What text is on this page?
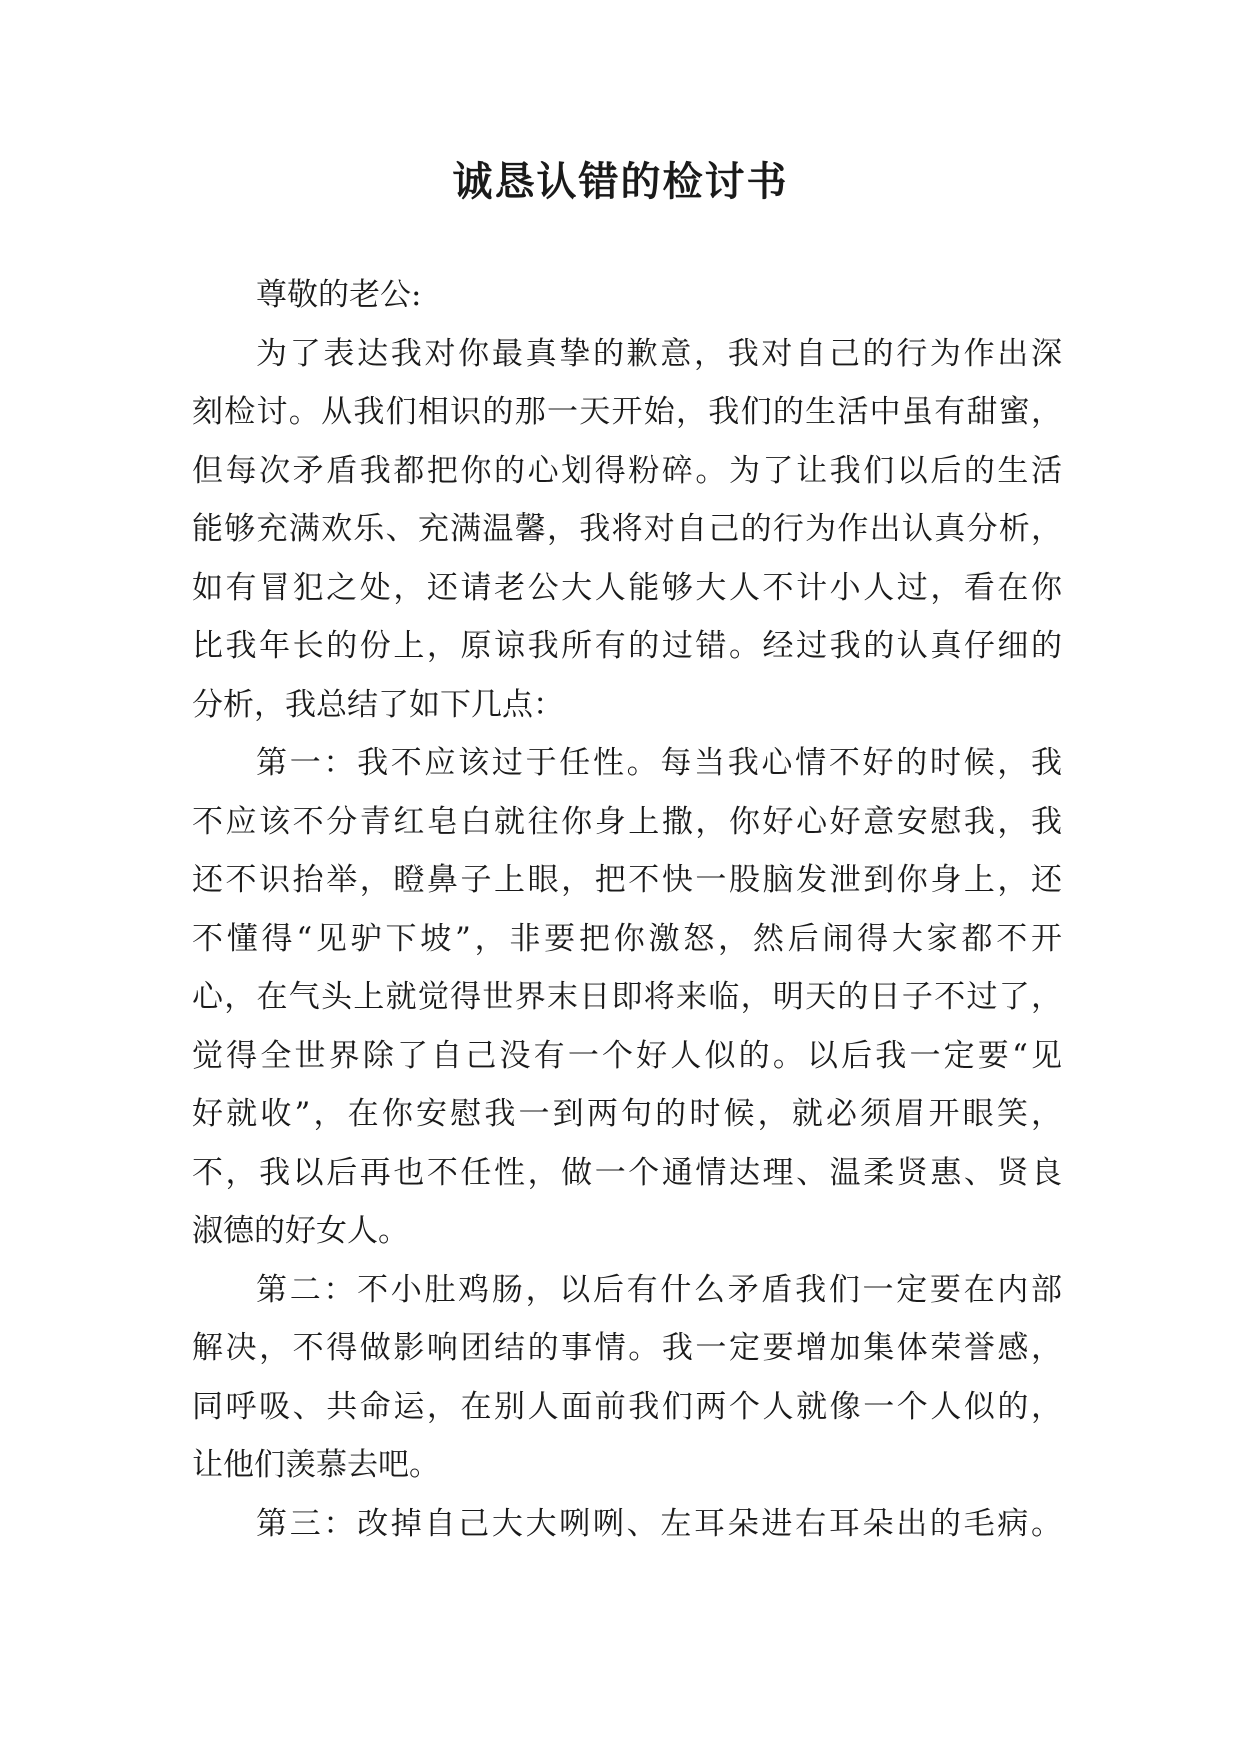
诚恳认错的检讨书
尊敬的老公:
为了表达我对你最真挚的歉意，我对自己的行为作出深
刻检讨。从我们相识的那一天开始，我们的生活中虽有甜蜜，
但每次矛盾我都把你的心划得粉碎。为了让我们以后的生活
能够充满欢乐、充满温馨，我将对自己的行为作出认真分析，
如有冒犯之处，还请老公大人能够大人不计小人过，看在你
比我年长的份上，原谅我所有的过错。经过我的认真仔细的
分析，我总结了如下几点：
第一：我不应该过于任性。每当我心情不好的时候，我
不应该不分青红皂白就往你身上撒，你好心好意安慰我，我
还不识抬举，瞪鼻子上眼，把不快一股脑发泄到你身上，还
不懂得“见驴下坡”，非要把你激怒，然后闹得大家都不开
心，在气头上就觉得世界末日即将来临，明天的日子不过了，
觉得全世界除了自己没有一个好人似的。以后我一定要“见
好就收”，在你安慰我一到两句的时候，就必须眉开眼笑，
不，我以后再也不任性，做一个通情达理、温柔贤惠、贤良
淑德的好女人。
第二：不小肚鸡肠，以后有什么矛盾我们一定要在内部
解决，不得做影响团结的事情。我一定要增加集体荣誉感，
同呼吸、共命运，在别人面前我们两个人就像一个人似的，
让他们羡慕去吧。
第三：改掉自己大大咧咧、左耳朵进右耳朵出的毛病。
